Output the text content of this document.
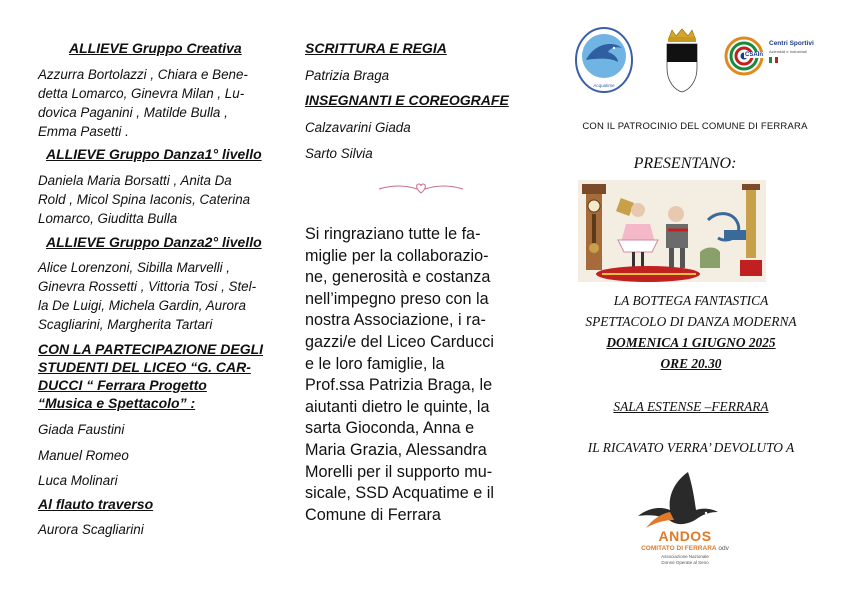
ALLIEVE Gruppo Creativa
Azzurra Bortolazzi , Chiara e Bene-
detta Lomarco, Ginevra Milan , Lu-
dovica Paganini , Matilde Bulla ,
Emma Pasetti .
ALLIEVE Gruppo Danza1° livello
Daniela Maria Borsatti , Anita Da
Rold , Micol Spina Iaconis, Caterina
Lomarco, Giuditta Bulla
ALLIEVE Gruppo Danza2° livello
Alice Lorenzoni, Sibilla Marvelli ,
Ginevra Rossetti , Vittoria Tosi , Stel-
la De Luigi, Michela Gardin, Aurora
Scagliarini, Margherita Tartari
CON LA PARTECIPAZIONE DEGLI
STUDENTI DEL LICEO “G. CAR-
DUCCI “ Ferrara Progetto
“Musica e Spettacolo” :
Giada Faustini
Manuel Romeo
Luca Molinari
Al flauto traverso
Aurora Scagliarini
SCRITTURA E REGIA
Patrizia Braga
INSEGNANTI E COREOGRAFE
Calzavarini Giada
Sarto Silvia
Si ringraziano tutte le fa-
miglie per la collaborazio-
ne, generosità e costanza
nell’impegno preso con la
nostra Associazione, i ra-
gazzi/e del Liceo Carducci
e le loro famiglie, la
Prof.ssa Patrizia Braga, le
aiutanti dietro le quinte, la
sarta Gioconda, Anna e
Maria Grazia, Alessandra
Morelli per il supporto mu-
sicale, SSD Acquatime e il
Comune di Ferrara
Acquatime
CSAIn
Centri Sportivi
Aziendali e Industriali
CON IL PATROCINIO DEL COMUNE DI FERRARA
PRESENTANO:
LA BOTTEGA FANTASTICA
SPETTACOLO DI DANZA MODERNA
DOMENICA 1 GIUGNO 2025
ORE 20.30
SALA ESTENSE –FERRARA
IL RICAVATO VERRA’ DEVOLUTO A
ANDOS
COMITATO DI FERRARA odv
Associazione Nazionale
Donne Operate al Seno
